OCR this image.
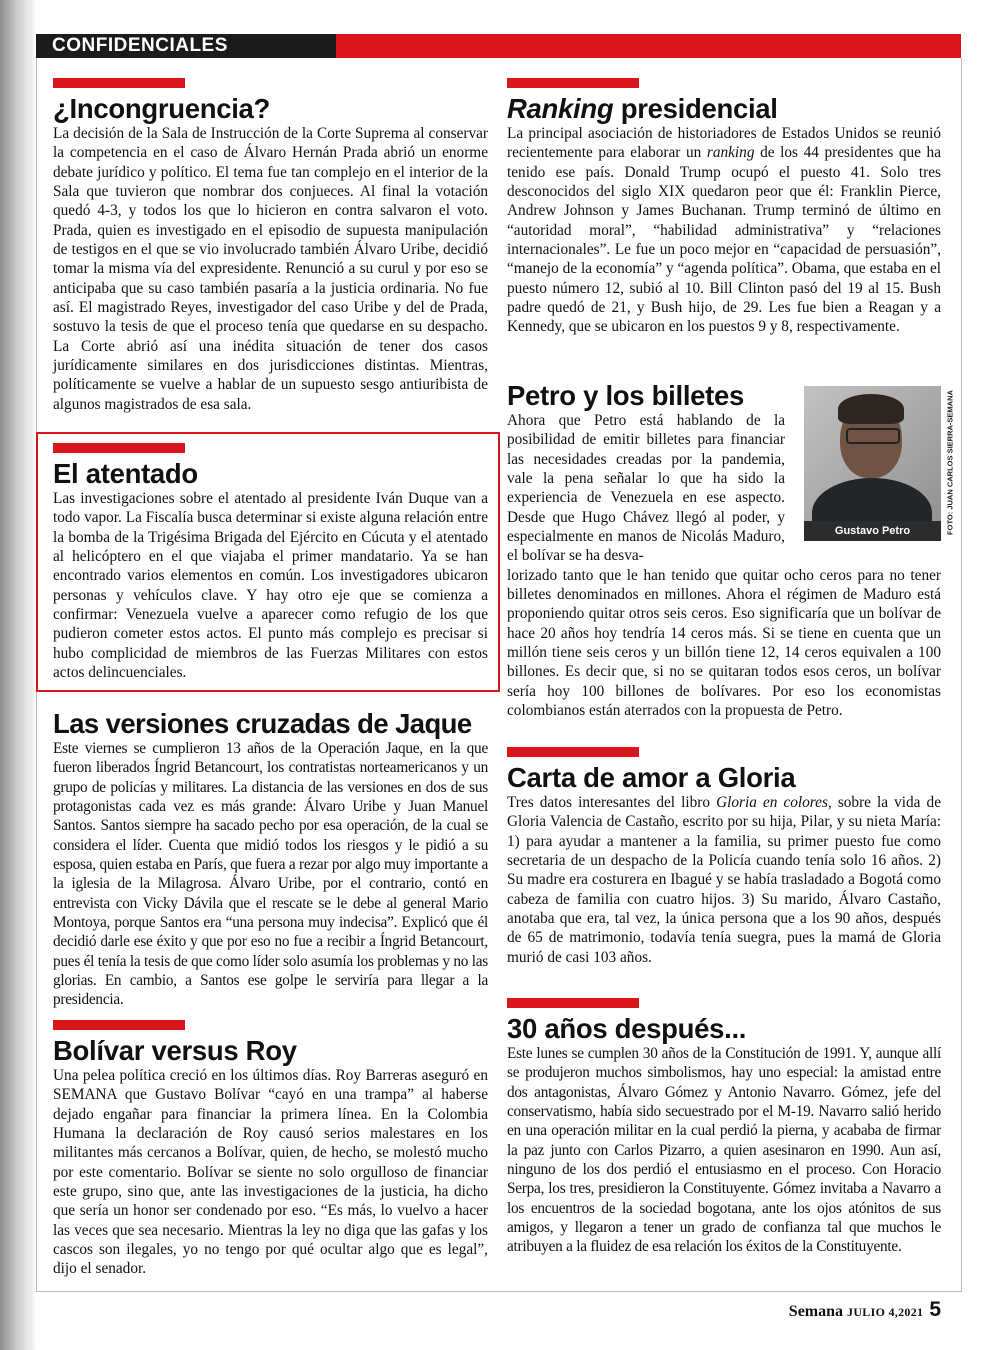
CONFIDENCIALES
¿Incongruencia?

La decisión de la Sala de Instrucción de la Corte Suprema al conservar la competencia en el caso de Álvaro Hernán Prada abrió un enorme debate jurídico y político. El tema fue tan complejo en el interior de la Sala que tuvieron que nombrar dos conjueces. Al final la votación quedó 4-3, y todos los que lo hicieron en contra salvaron el voto. Prada, quien es investigado en el episodio de supuesta manipulación de testigos en el que se vio involucrado también Álvaro Uribe, decidió tomar la misma vía del expresidente. Renunció a su curul y por eso se anticipaba que su caso también pasaría a la justicia ordinaria. No fue así. El magistrado Reyes, investigador del caso Uribe y del de Prada, sostuvo la tesis de que el proceso tenía que quedarse en su despacho. La Corte abrió así una inédita situación de tener dos casos jurídicamente similares en dos jurisdicciones distintas. Mientras, políticamente se vuelve a hablar de un supuesto sesgo antiuribista de algunos magistrados de esa sala.

El atentado

Las investigaciones sobre el atentado al presidente Iván Duque van a todo vapor. La Fiscalía busca determinar si existe alguna relación entre la bomba de la Trigésima Brigada del Ejército en Cúcuta y el atentado al helicóptero en el que viajaba el primer mandatario. Ya se han encontrado varios elementos en común. Los investigadores ubicaron personas y vehículos clave. Y hay otro eje que se comienza a confirmar: Venezuela vuelve a aparecer como refugio de los que pudieron cometer estos actos. El punto más complejo es precisar si hubo complicidad de miembros de las Fuerzas Militares con estos actos delincuenciales.

Las versiones cruzadas de Jaque

Este viernes se cumplieron 13 años de la Operación Jaque, en la que fueron liberados Íngrid Betancourt, los contratistas norteamericanos y un grupo de policías y militares. La distancia de las versiones en dos de sus protagonistas cada vez es más grande: Álvaro Uribe y Juan Manuel Santos. Santos siempre ha sacado pecho por esa operación, de la cual se considera el líder. Cuenta que midió todos los riesgos y le pidió a su esposa, quien estaba en París, que fuera a rezar por algo muy importante a la iglesia de la Milagrosa. Álvaro Uribe, por el contrario, contó en entrevista con Vicky Dávila que el rescate se le debe al general Mario Montoya, porque Santos era “una persona muy indecisa”. Explicó que él decidió darle ese éxito y que por eso no fue a recibir a Íngrid Betancourt, pues él tenía la tesis de que como líder solo asumía los problemas y no las glorias. En cambio, a Santos ese golpe le serviría para llegar a la presidencia.

Bolívar versus Roy

Una pelea política creció en los últimos días. Roy Barreras aseguró en SEMANA que Gustavo Bolívar “cayó en una trampa” al haberse dejado engañar para financiar la primera línea. En la Colombia Humana la declaración de Roy causó serios malestares en los militantes más cercanos a Bolívar, quien, de hecho, se molestó mucho por este comentario. Bolívar se siente no solo orgulloso de financiar este grupo, sino que, ante las investigaciones de la justicia, ha dicho que sería un honor ser condenado por eso. “Es más, lo vuelvo a hacer las veces que sea necesario. Mientras la ley no diga que las gafas y los cascos son ilegales, yo no tengo por qué ocultar algo que es legal”, dijo el senador.

Ranking presidencial

La principal asociación de historiadores de Estados Unidos se reunió recientemente para elaborar un ranking de los 44 presidentes que ha tenido ese país. Donald Trump ocupó el puesto 41. Solo tres desconocidos del siglo XIX quedaron peor que él: Franklin Pierce, Andrew Johnson y James Buchanan. Trump terminó de último en “autoridad moral”, “habilidad administrativa” y “relaciones internacionales”. Le fue un poco mejor en “capacidad de persuasión”, “manejo de la economía” y “agenda política”. Obama, que estaba en el puesto número 12, subió al 10. Bill Clinton pasó del 19 al 15. Bush padre quedó de 21, y Bush hijo, de 29. Les fue bien a Reagan y a Kennedy, que se ubicaron en los puestos 9 y 8, respectivamente.

Petro y los billetes

Ahora que Petro está hablando de la posibilidad de emitir billetes para financiar las necesidades creadas por la pandemia, vale la pena señalar lo que ha sido la experiencia de Venezuela en ese aspecto. Desde que Hugo Chávez llegó al poder, y especialmente en manos de Nicolás Maduro, el bolívar se ha desva-

lorizado tanto que le han tenido que quitar ocho ceros para no tener billetes denominados en millones. Ahora el régimen de Maduro está proponiendo quitar otros seis ceros. Eso significaría que un bolívar de hace 20 años hoy tendría 14 ceros más. Si se tiene en cuenta que un millón tiene seis ceros y un billón tiene 12, 14 ceros equivalen a 100 billones. Es decir que, si no se quitaran todos esos ceros, un bolívar sería hoy 100 billones de bolívares. Por eso los economistas colombianos están aterrados con la propuesta de Petro.

Gustavo Petro	FOTO: JUAN CARLOS SIERRA-SEMANA
Carta de amor a Gloria

Tres datos interesantes del libro Gloria en colores, sobre la vida de Gloria Valencia de Castaño, escrito por su hija, Pilar, y su nieta María: 1) para ayudar a mantener a la familia, su primer puesto fue como secretaria de un despacho de la Policía cuando tenía solo 16 años. 2) Su madre era costurera en Ibagué y se había trasladado a Bogotá como cabeza de familia con cuatro hijos. 3) Su marido, Álvaro Castaño, anotaba que era, tal vez, la única persona que a los 90 años, después de 65 de matrimonio, todavía tenía suegra, pues la mamá de Gloria murió de casi 103 años.

30 años después...

Este lunes se cumplen 30 años de la Constitución de 1991. Y, aunque allí se produjeron muchos simbolismos, hay uno especial: la amistad entre dos antagonistas, Álvaro Gómez y Antonio Navarro. Gómez, jefe del conservatismo, había sido secuestrado por el M-19. Navarro salió herido en una operación militar en la cual perdió la pierna, y acababa de firmar la paz junto con Carlos Pizarro, a quien asesinaron en 1990. Aun así, ninguno de los dos perdió el entusiasmo en el proceso. Con Horacio Serpa, los tres, presidieron la Constituyente. Gómez invitaba a Navarro a los encuentros de la sociedad bogotana, ante los ojos atónitos de sus amigos, y llegaron a tener un grado de confianza tal que muchos le atribuyen a la fluidez de esa relación los éxitos de la Constituyente.

Semana JULIO 4,2021 5
